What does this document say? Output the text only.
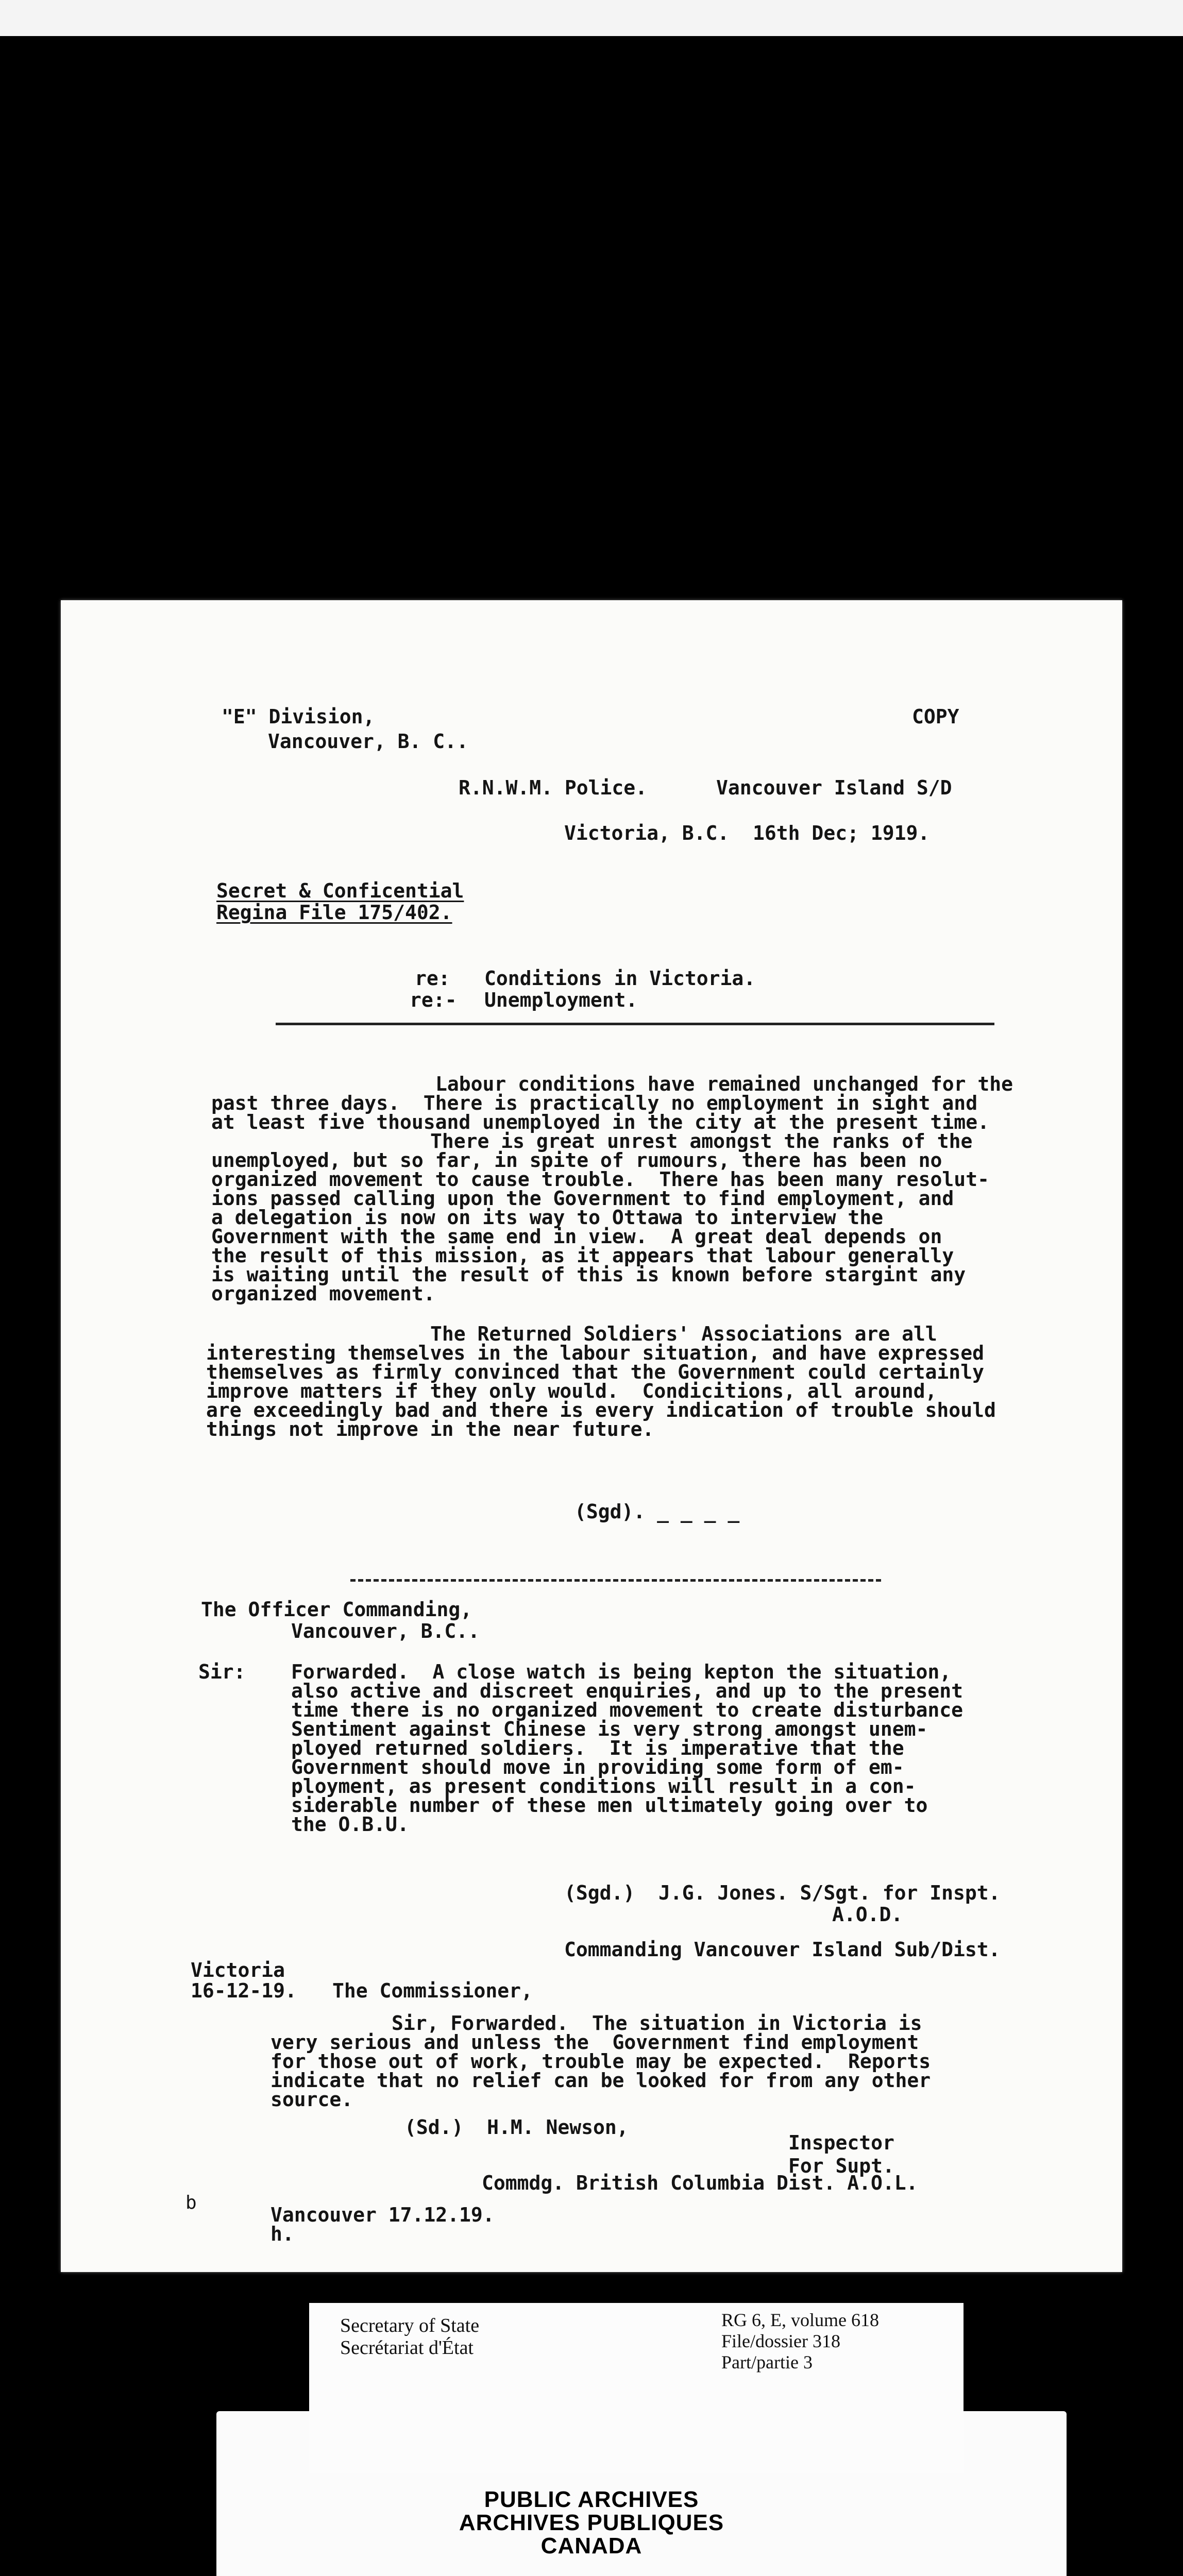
"E" Division,
Vancouver, B. C..
COPY
R.N.W.M. Police.	Vancouver Island S/D
Victoria, B.C.  16th Dec; 1919.
Secret & Conficential
Regina File 175/402.
re: Conditions in Victoria.
re:- Unemployment.
Labour conditions have remained unchanged for the
past three days.  There is practically no employment in sight and
at least five thousand unemployed in the city at the present time.
There is great unrest amongst the ranks of the
unemployed, but so far, in spite of rumours, there has been no
organized movement to cause trouble.  There has been many resolut-
ions passed calling upon the Government to find employment, and
a delegation is now on its way to Ottawa to interview the
Government with the same end in view.  A great deal depends on
the result of this mission, as it appears that labour generally
is waiting until the result of this is known before stargint any
organized movement.
The Returned Soldiers' Associations are all
interesting themselves in the labour situation, and have expressed
themselves as firmly convinced that the Government could certainly
improve matters if they only would.  Condicitions, all around,
are exceedingly bad and there is every indication of trouble should
things not improve in the near future.
(Sgd). _ _ _ _
The Officer Commanding,
Vancouver, B.C..
Sir: Forwarded.  A close watch is being kepton the situation,
also active and discreet enquiries, and up to the present
time there is no organized movement to create disturbance
Sentiment against Chinese is very strong amongst unem-
ployed returned soldiers.  It is imperative that the
Government should move in providing some form of em-
ployment, as present conditions will result in a con-
siderable number of these men ultimately going over to
the O.B.U.
(Sgd.)  J.G. Jones. S/Sgt. for Inspt.
A.O.D.
Commanding Vancouver Island Sub/Dist.
Victoria
16-12-19. The Commissioner,
Sir, Forwarded.  The situation in Victoria is
very serious and unless the  Government find employment
for those out of work, trouble may be expected.  Reports
indicate that no relief can be looked for from any other
source.
(Sd.)  H.M. Newson,
Inspector
For Supt.
Commdg. British Columbia Dist. A.O.L.
b
Vancouver 17.12.19.
h.
Secretary of State
Secrétariat d'État
RG 6, E, volume 618
File/dossier 318
Part/partie 3
PUBLIC ARCHIVES
ARCHIVES PUBLIQUES
CANADA
